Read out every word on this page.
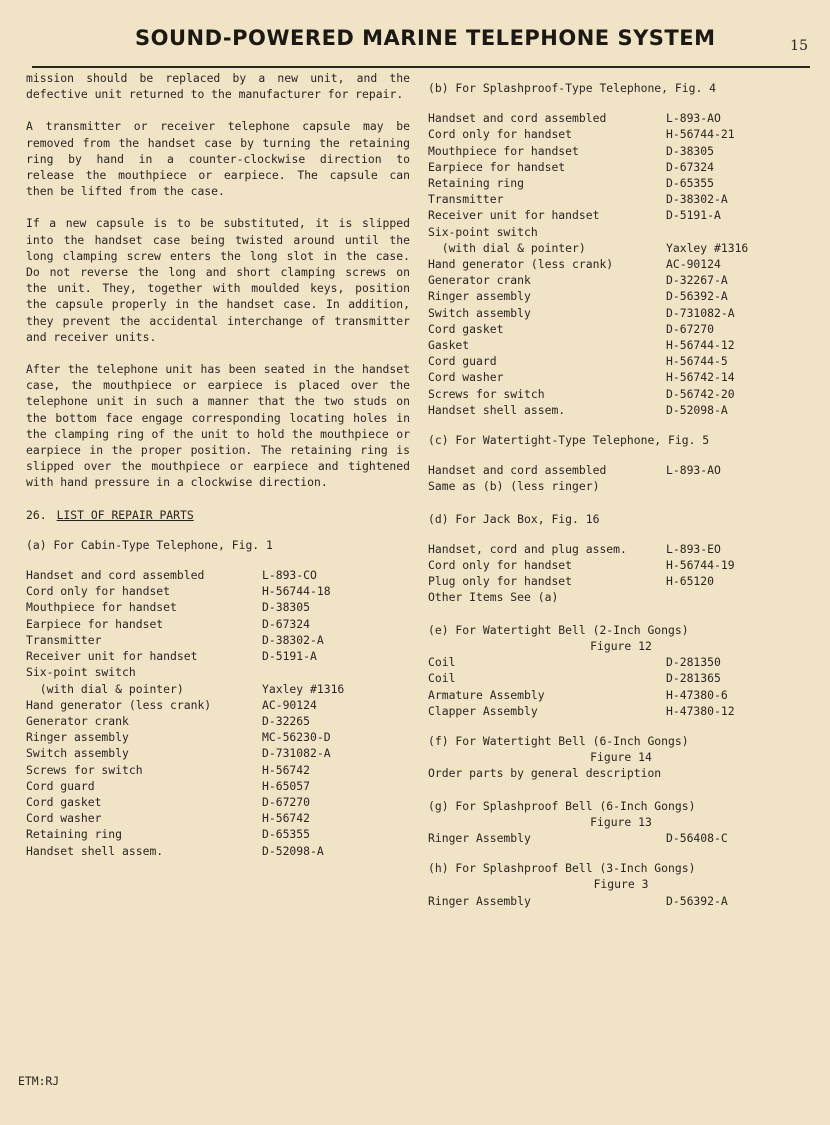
SOUND-POWERED MARINE TELEPHONE SYSTEM	15

mission should be replaced by a new unit, and the defective unit returned to the manufacturer for repair.

A transmitter or receiver telephone capsule may be removed from the handset case by turning the retaining ring by hand in a counter-clockwise direction to release the mouthpiece or earpiece. The capsule can then be lifted from the case.

If a new capsule is to be substituted, it is slipped into the handset case being twisted around until the long clamping screw enters the long slot in the case. Do not reverse the long and short clamping screws on the unit. They, together with moulded keys, position the capsule properly in the handset case. In addition, they prevent the accidental interchange of transmitter and receiver units.

After the telephone unit has been seated in the handset case, the mouthpiece or earpiece is placed over the telephone unit in such a manner that the two studs on the bottom face engage corresponding locating holes in the clamping ring of the unit to hold the mouthpiece or earpiece in the proper position. The retaining ring is slipped over the mouthpiece or earpiece and tightened with hand pressure in a clockwise direction.

26. LIST OF REPAIR PARTS
(a) For Cabin-Type Telephone, Fig. 1
Handset and cord assembled	L-893-CO
Cord only for handset	H-56744-18
Mouthpiece for handset	D-38305
Earpiece for handset	D-67324
Transmitter	D-38302-A
Receiver unit for handset	D-5191-A
Six-point switch
(with dial & pointer)	Yaxley #1316
Hand generator (less crank)	AC-90124
Generator crank	D-32265
Ringer assembly	MC-56230-D
Switch assembly	D-731082-A
Screws for switch	H-56742
Cord guard	H-65057
Cord gasket	D-67270
Cord washer	H-56742
Retaining ring	D-65355
Handset shell assem.	D-52098-A
(b) For Splashproof-Type Telephone, Fig. 4
Handset and cord assembled	L-893-AO
Cord only for handset	H-56744-21
Mouthpiece for handset	D-38305
Earpiece for handset	D-67324
Retaining ring	D-65355
Transmitter	D-38302-A
Receiver unit for handset	D-5191-A
Six-point switch
(with dial & pointer)	Yaxley #1316
Hand generator (less crank)	AC-90124
Generator crank	D-32267-A
Ringer assembly	D-56392-A
Switch assembly	D-731082-A
Cord gasket	D-67270
Gasket	H-56744-12
Cord guard	H-56744-5
Cord washer	H-56742-14
Screws for switch	D-56742-20
Handset shell assem.	D-52098-A
(c) For Watertight-Type Telephone, Fig. 5
Handset and cord assembled	L-893-AO
Same as (b) (less ringer)
(d) For Jack Box, Fig. 16
Handset, cord and plug assem.	L-893-EO
Cord only for handset	H-56744-19
Plug only for handset	H-65120
Other Items See (a)
(e) For Watertight Bell (2-Inch Gongs)
Figure 12
Coil	D-281350
Coil	D-281365
Armature Assembly	H-47380-6
Clapper Assembly	H-47380-12
(f) For Watertight Bell (6-Inch Gongs)
Figure 14
Order parts by general description
(g) For Splashproof Bell (6-Inch Gongs)
Figure 13
Ringer Assembly	D-56408-C
(h) For Splashproof Bell (3-Inch Gongs)
Figure 3
Ringer Assembly	D-56392-A
ETM:RJ
